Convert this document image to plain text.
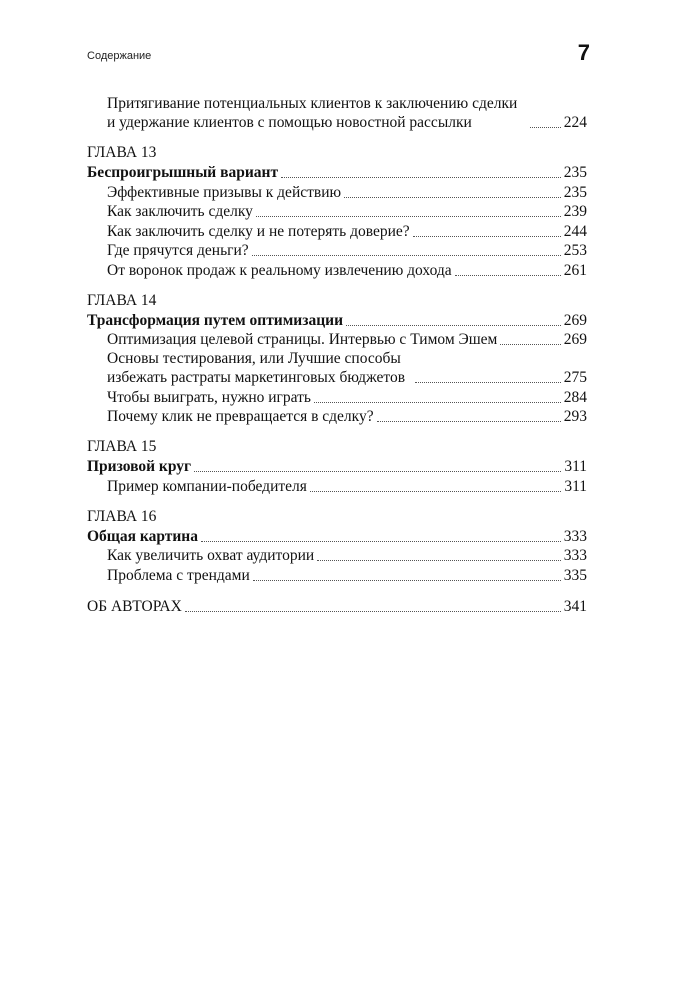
Содержание	7
Притягивание потенциальных клиентов к заключению сделки и удержание клиентов с помощью новостной рассылки	224
ГЛАВА 13
Беспроигрышный вариант	235
Эффективные призывы к действию	235
Как заключить сделку	239
Как заключить сделку и не потерять доверие?	244
Где прячутся деньги?	253
От воронок продаж к реальному извлечению дохода	261
ГЛАВА 14
Трансформация путем оптимизации	269
Оптимизация целевой страницы. Интервью с Тимом Эшем	269
Основы тестирования, или Лучшие способы избежать растраты маркетинговых бюджетов	275
Чтобы выиграть, нужно играть	284
Почему клик не превращается в сделку?	293
ГЛАВА 15
Призовой круг	311
Пример компании-победителя	311
ГЛАВА 16
Общая картина	333
Как увеличить охват аудитории	333
Проблема с трендами	335
ОБ АВТОРАХ	341
